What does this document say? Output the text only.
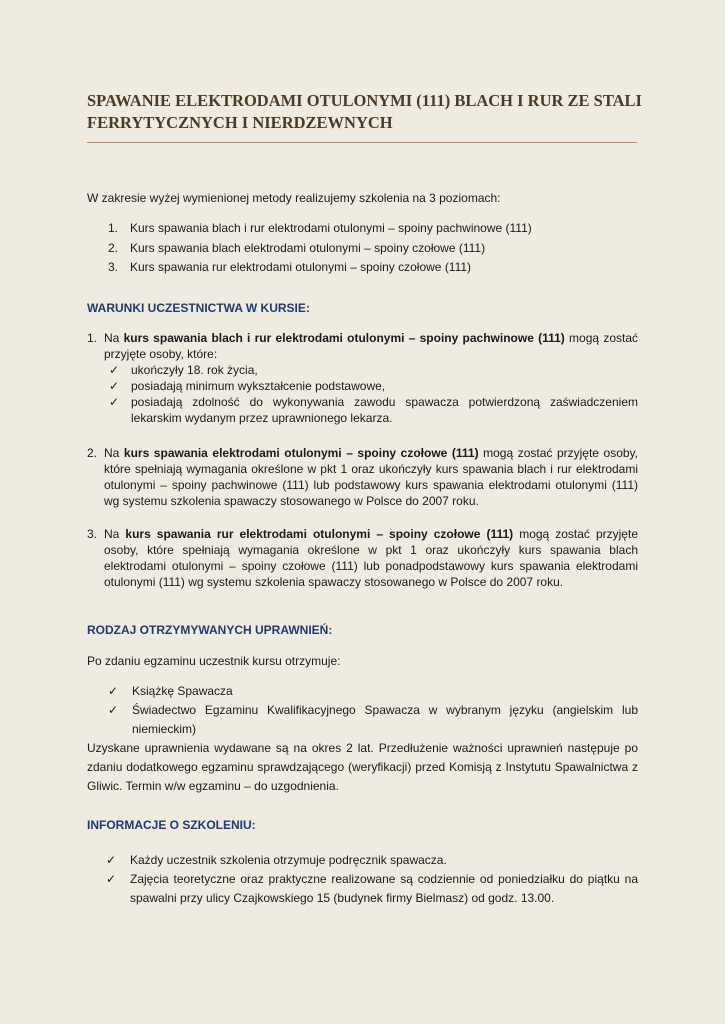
SPAWANIE ELEKTRODAMI OTULONYMI (111) BLACH I RUR ZE STALI FERRYTYCZNYCH I NIERDZEWNYCH

W zakresie wyżej wymienionej metody realizujemy szkolenia na 3 poziomach:

1. Kurs spawania blach i rur elektrodami otulonymi – spoiny pachwinowe (111)
2. Kurs spawania blach elektrodami otulonymi – spoiny czołowe (111)
3. Kurs spawania rur elektrodami otulonymi – spoiny czołowe (111)
WARUNKI UCZESTNICTWA W KURSIE:
1. Na kurs spawania blach i rur elektrodami otulonymi – spoiny pachwinowe (111) mogą zostać przyjęte osoby, które:
✓ ukończyły 18. rok życia,
✓ posiadają minimum wykształcenie podstawowe,
✓ posiadają zdolność do wykonywania zawodu spawacza potwierdzoną zaświadczeniem lekarskim wydanym przez uprawnionego lekarza.
2. Na kurs spawania elektrodami otulonymi – spoiny czołowe (111) mogą zostać przyjęte osoby, które spełniają wymagania określone w pkt 1 oraz ukończyły kurs spawania blach i rur elektrodami otulonymi – spoiny pachwinowe (111) lub podstawowy kurs spawania elektrodami otulonymi (111) wg systemu szkolenia spawaczy stosowanego w Polsce do 2007 roku.
3. Na kurs spawania rur elektrodami otulonymi – spoiny czołowe (111) mogą zostać przyjęte osoby, które spełniają wymagania określone w pkt 1 oraz ukończyły kurs spawania blach elektrodami otulonymi – spoiny czołowe (111) lub ponadpodstawowy kurs spawania elektrodami otulonymi (111) wg systemu szkolenia spawaczy stosowanego w Polsce do 2007 roku.
RODZAJ OTRZYMYWANYCH UPRAWNIEŃ:

Po zdaniu egzaminu uczestnik kursu otrzymuje:

✓	Książkę Spawacza
✓	Świadectwo Egzaminu Kwalifikacyjnego Spawacza w wybranym języku (angielskim lub niemieckim)

Uzyskane uprawnienia wydawane są na okres 2 lat. Przedłużenie ważności uprawnień następuje po zdaniu dodatkowego egzaminu sprawdzającego (weryfikacji) przed Komisją z Instytutu Spawalnictwa z Gliwic. Termin w/w egzaminu – do uzgodnienia.

INFORMACJE O SZKOLENIU:
✓	Każdy uczestnik szkolenia otrzymuje podręcznik spawacza.
✓	Zajęcia teoretyczne oraz praktyczne realizowane są codziennie od poniedziałku do piątku na spawalni przy ulicy Czajkowskiego 15 (budynek firmy Bielmasz) od godz. 13.00.
